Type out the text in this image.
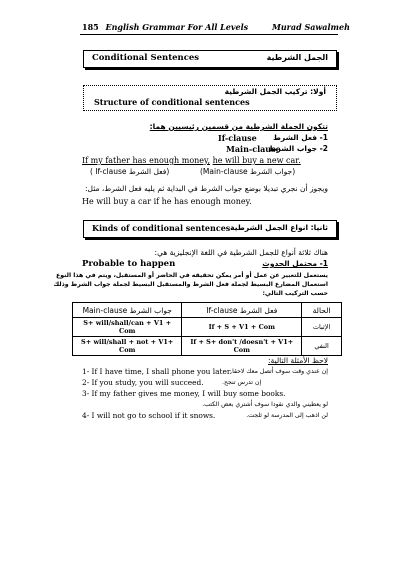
185 English Grammar For All Levels	Murad Sawalmeh
Conditional Sentences	الجمل الشرطية
أولا: تركيب الجمل الشرطية
Structure of conditional sentences
تتكون الجملة الشرطية من قسمين رئيسيين هما:
If-clause 1- فعل الشرط
Main-clause
2- جواب الشرط
If my father has enough money, he will buy a new car.
( If-clause فعل الشرط)	(Main-clause جواب الشرط)
ويجوز أن نجري تبديلا بوضع جواب الشرط في البداية ثم يليه فعل الشرط، مثل:
He will buy a car if he has enough money.
Kinds of conditional sentences ثانيا: انواع الجمل الشرطية
هناك ثلاثة أنواع للجمل الشرطية في اللغة الإنجليزية هي:
Probable to happen	1- محتمل الحدوث
يستعمل للتعبير عن عمل أو أمر يمكن تحقيقه في الحاضر أو المستقبل، ويتم في هذا النوع
استعمال المضارع البسيط لجملة فعل الشرط والمستقبل البسيط لجملة جواب الشرط وذلك
حسب التركيب التالي:
Main-clause جواب الشرط	If-clause فعل الشرط	الحالة
S+ will/shall/can + V1 + Com	If + S + V1 + Com	الإثبات
S+ will/shall + not + V1+ Com	If + S+ don't /doesn't + V1+ Com	النفي
لاحظ الأمثلة التالية:
1- If I have time, I shall phone you later.
إن عندي وقت سوف أتصل معك لاحقا.
2- If you study, you will succeed.	إن تدرس تنجح.
3- If my father gives me money, I will buy some books.
لو يعطيني والدي نقودا سوف أشتري بعض الكتب.
4- I will not go to school if it snows.	لن اذهب إلى المدرسة لو ثلجت.
